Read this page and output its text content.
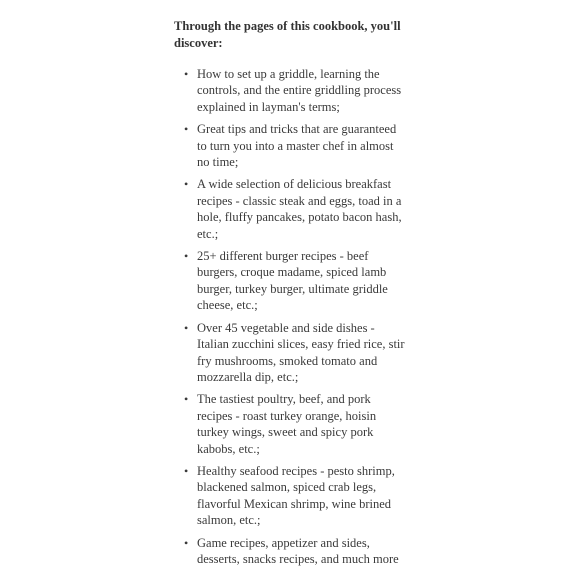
Through the pages of this cookbook, you'll discover:

• How to set up a griddle, learning the controls, and the entire griddling process explained in layman's terms;
• Great tips and tricks that are guaranteed to turn you into a master chef in almost no time;
• A wide selection of delicious breakfast recipes - classic steak and eggs, toad in a hole, fluffy pancakes, potato bacon hash, etc.;
• 25+ different burger recipes - beef burgers, croque madame, spiced lamb burger, turkey burger, ultimate griddle cheese, etc.;
• Over 45 vegetable and side dishes - Italian zucchini slices, easy fried rice, stir fry mushrooms, smoked tomato and mozzarella dip, etc.;
• The tastiest poultry, beef, and pork recipes - roast turkey orange, hoisin turkey wings, sweet and spicy pork kabobs, etc.;
• Healthy seafood recipes - pesto shrimp, blackened salmon, spiced crab legs, flavorful Mexican shrimp, wine brined salmon, etc.;
• Game recipes, appetizer and sides, desserts, snacks recipes, and much more
